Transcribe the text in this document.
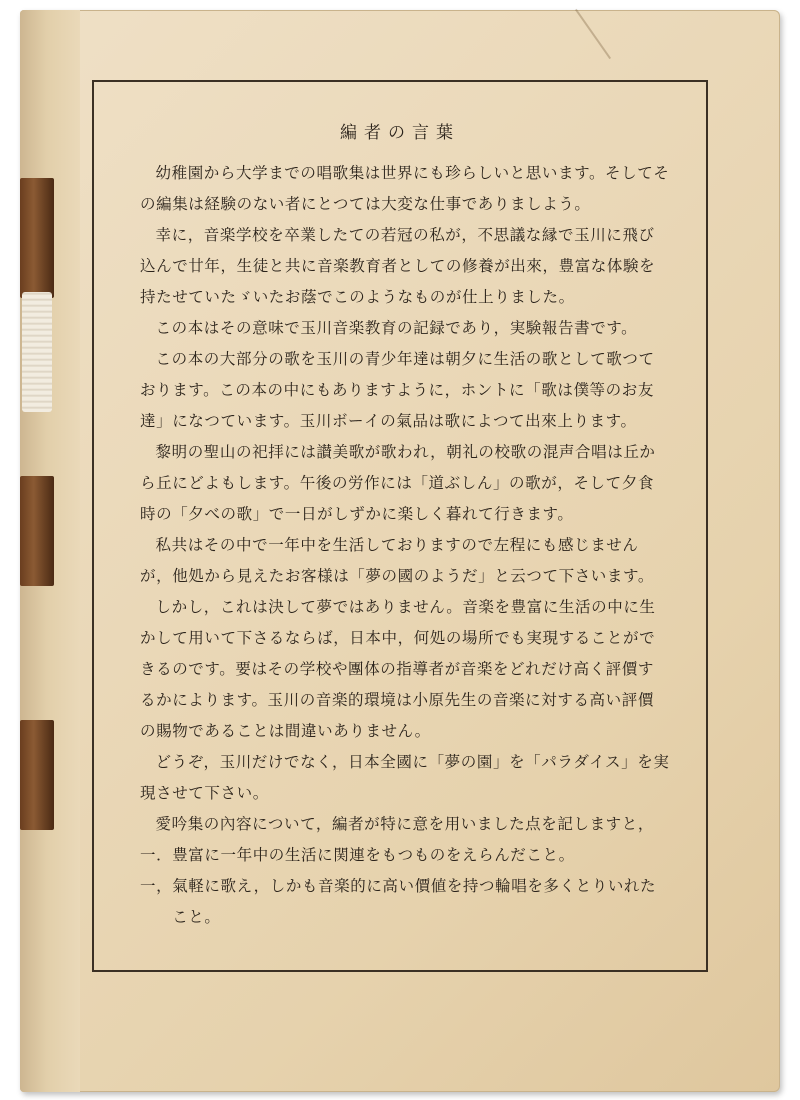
編者の言葉

幼稚園から大学までの唱歌集は世界にも珍らしいと思います。そしてその編集は経験のない者にとつては大変な仕事でありましよう。

幸に，音楽学校を卒業したての若冠の私が，不思議な縁で玉川に飛び込んで廿年，生徒と共に音楽教育者としての修養が出來，豊富な体験を持たせていたゞいたお蔭でこのようなものが仕上りました。

この本はその意味で玉川音楽教育の記録であり，実験報告書です。

この本の大部分の歌を玉川の青少年達は朝夕に生活の歌として歌つております。この本の中にもありますように，ホントに「歌は僕等のお友達」になつています。玉川ボーイの氣品は歌によつて出來上ります。

黎明の聖山の祀拝には讃美歌が歌われ，朝礼の校歌の混声合唱は丘から丘にどよもします。午後の労作には「道ぶしん」の歌が，そして夕食時の「夕べの歌」で一日がしずかに楽しく暮れて行きます。

私共はその中で一年中を生活しておりますので左程にも感じませんが，他処から見えたお客様は「夢の國のようだ」と云つて下さいます。

しかし，これは決して夢ではありません。音楽を豊富に生活の中に生かして用いて下さるならば，日本中，何処の場所でも実現することができるのです。要はその学校や團体の指導者が音楽をどれだけ高く評價するかによります。玉川の音楽的環境は小原先生の音楽に対する高い評價の賜物であることは間違いありません。

どうぞ，玉川だけでなく，日本全國に「夢の園」を「パラダイス」を実現させて下さい。

愛吟集の內容について，編者が特に意を用いました点を記しますと，

一． 豊富に一年中の生活に関連をもつものをえらんだこと。
一， 氣軽に歌え，しかも音楽的に高い價値を持つ輪唱を多くとりいれたこと。
